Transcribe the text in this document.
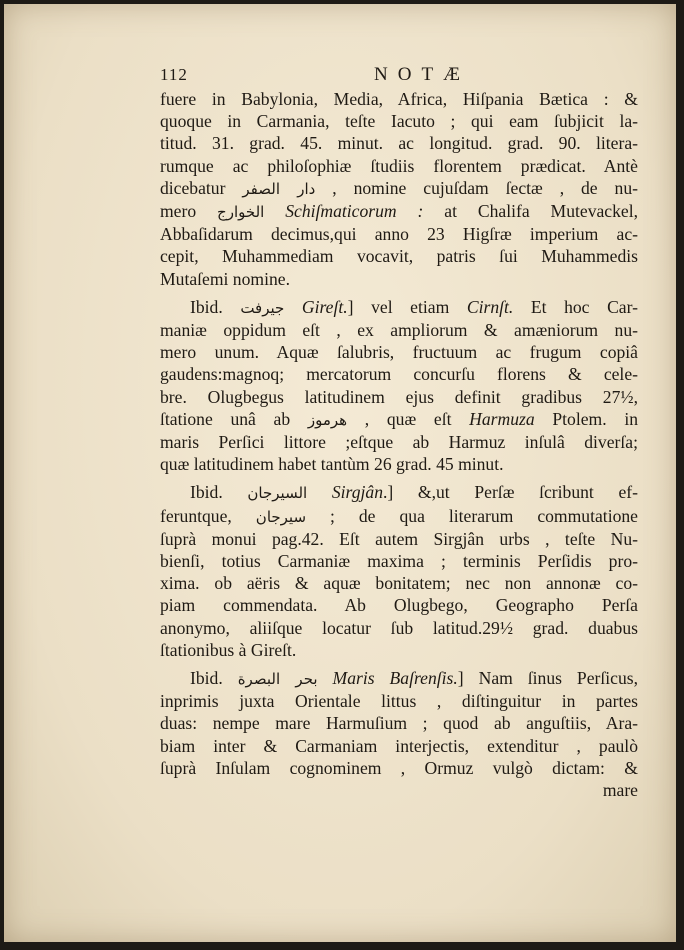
112	NOTÆ
fuere in Babylonia, Media, Africa, Hiſpania Bætica : &
quoque in Carmania, teſte Iacuto ; qui eam ſubjicit la-
titud. 31. grad. 45. minut. ac longitud. grad. 90. litera-
rumque ac philoſophiæ ſtudiis florentem prædicat. Antè
dicebatur دار الصفر , nomine cujuſdam ſectæ , de nu-
mero الخوارج Schiſmaticorum : at Chalifa Mutevackel,
Abbaſidarum decimus,qui anno 23 Higſræ imperium ac-
cepit, Muhammediam vocavit, patris ſui Muhammedis
Mutaſemi nomine.
Ibid. جيرفت Gireſt.] vel etiam Cirnſt. Et hoc Car-
maniæ oppidum eſt , ex ampliorum & amæniorum nu-
mero unum. Aquæ ſalubris, fructuum ac frugum copiâ
gaudens:magnoq; mercatorum concurſu florens & cele-
bre. Olugbegus latitudinem ejus definit gradibus 27½,
ſtatione unâ ab هرموز , quæ eſt Harmuza Ptolem. in
maris Perſici littore ;eſtque ab Harmuz inſulâ diverſa;
quæ latitudinem habet tantùm 26 grad. 45 minut.
Ibid. السيرجان Sirgjân.] &,ut Perſæ ſcribunt ef-
feruntque, سيرجان ; de qua literarum commutatione
ſuprà monui pag.42. Eſt autem Sirgjân urbs , teſte Nu-
bienſi, totius Carmaniæ maxima ; terminis Perſidis pro-
xima. ob aëris & aquæ bonitatem; nec non annonæ co-
piam commendata. Ab Olugbego, Geographo Perſa
anonymo, aliiſque locatur ſub latitud.29½ grad. duabus
ſtationibus à Gireſt.
Ibid. بحر البصرة Maris Baſrenſis.] Nam ſinus Perſicus,
inprimis juxta Orientale littus , diſtinguitur in partes
duas: nempe mare Harmuſium ; quod ab anguſtiis, Ara-
biam inter & Carmaniam interjectis, extenditur , paulò
ſuprà Inſulam cognominem , Ormuz vulgò dictam: &
mare
